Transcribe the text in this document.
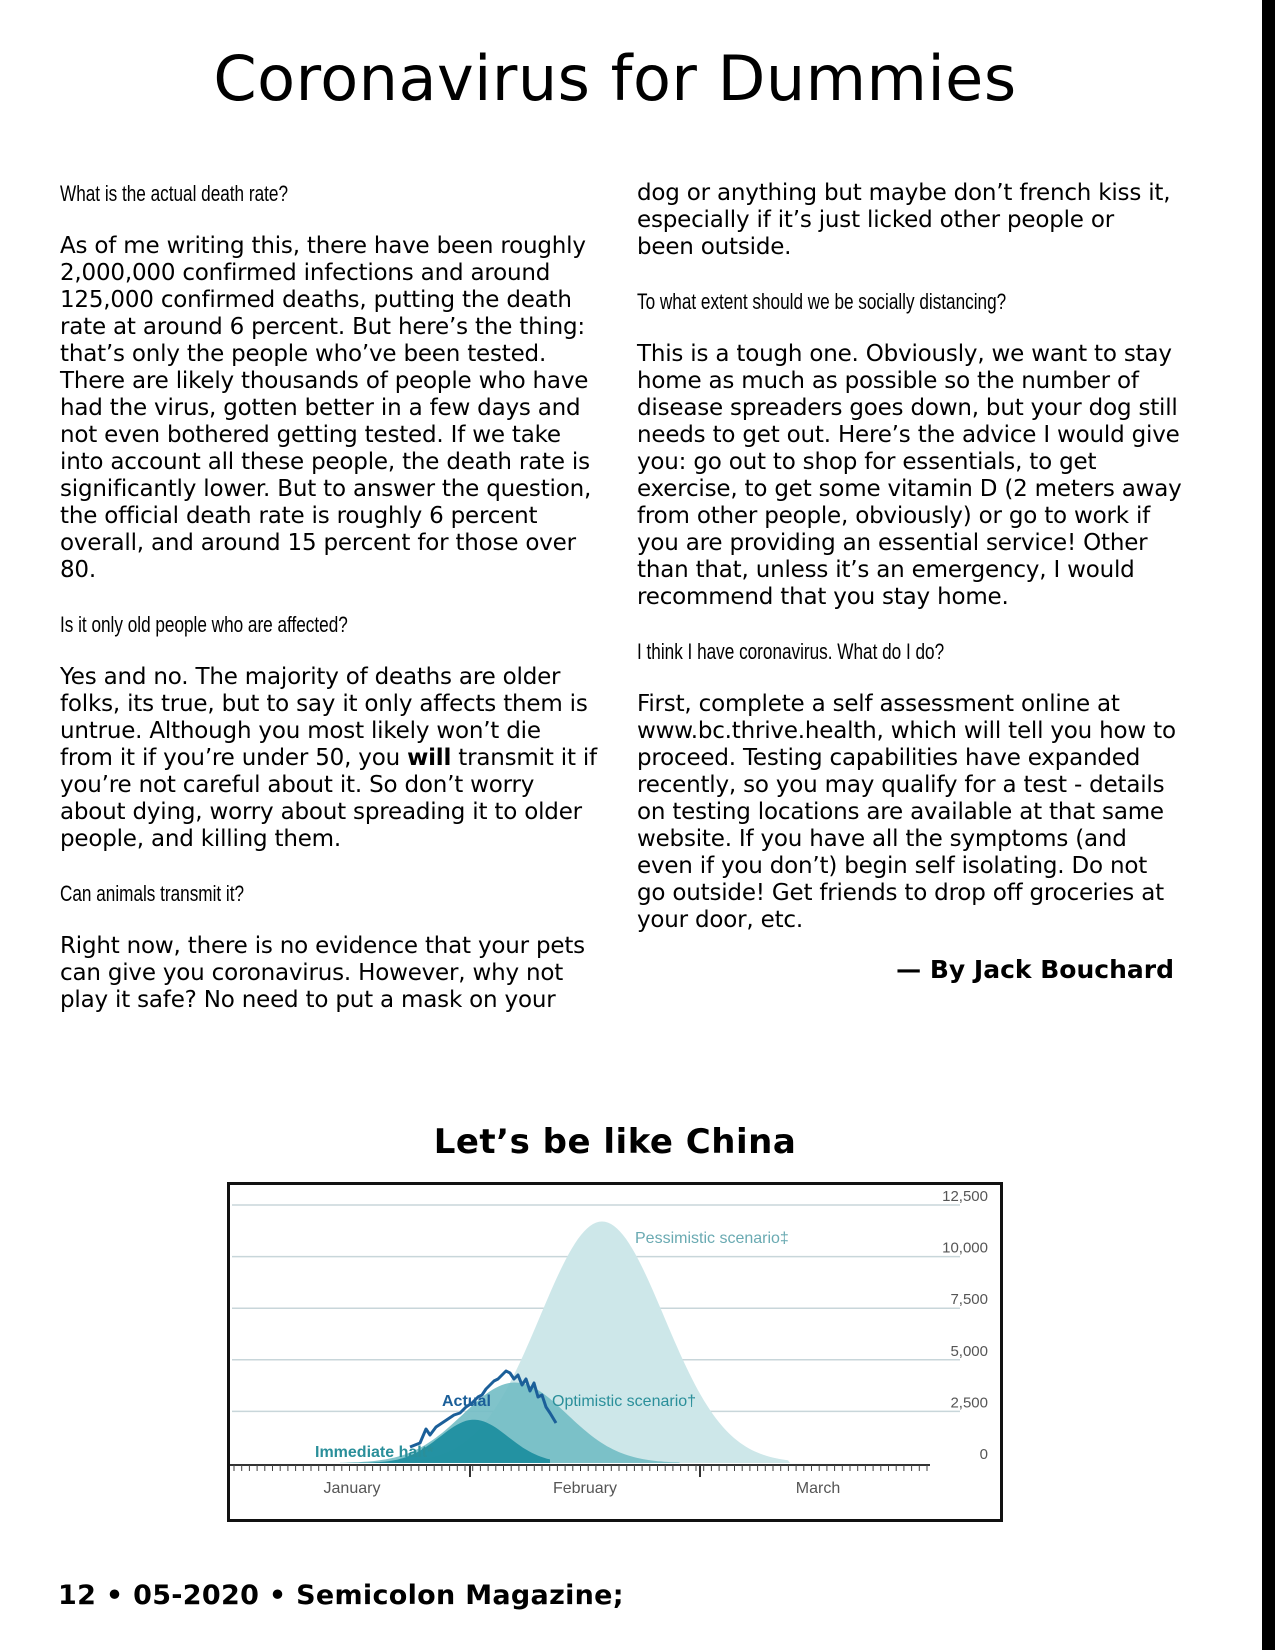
Coronavirus for Dummies

What is the actual death rate?

As of me writing this, there have been roughly 2,000,000 confirmed infections and around 125,000 confirmed deaths, putting the death rate at around 6 percent. But here’s the thing: that’s only the people who’ve been tested. There are likely thousands of people who have had the virus, gotten better in a few days and not even bothered getting tested. If we take into account all these people, the death rate is significantly lower. But to answer the question, the official death rate is roughly 6 percent overall, and around 15 percent for those over 80.

Is it only old people who are affected?

Yes and no. The majority of deaths are older folks, its true, but to say it only affects them is untrue. Although you most likely won’t die from it if you’re under 50, you will transmit it if you’re not careful about it. So don’t worry about dying, worry about spreading it to older people, and killing them.

Can animals transmit it?

Right now, there is no evidence that your pets can give you coronavirus. However, why not play it safe? No need to put a mask on your

dog or anything but maybe don’t french kiss it, especially if it’s just licked other people or been outside.

To what extent should we be socially distancing?

This is a tough one. Obviously, we want to stay home as much as possible so the number of disease spreaders goes down, but your dog still needs to get out. Here’s the advice I would give you: go out to shop for essentials, to get exercise, to get some vitamin D (2 meters away from other people, obviously) or go to work if you are providing an essential service! Other than that, unless it’s an emergency, I would recommend that you stay home.

I think I have coronavirus. What do I do?

First, complete a self assessment online at www.bc.thrive.health, which will tell you how to proceed. Testing capabilities have expanded recently, so you may qualify for a test - details on testing locations are available at that same website. If you have all the symptoms (and even if you don’t) begin self isolating. Do not go outside! Get friends to drop off groceries at your door, etc.

— By Jack Bouchard

Let’s be like China
12,500
10,000
7,500
5,000
2,500
0
January	February	March
Pessimistic scenario‡
Optimistic scenario†
Actual
Immediate halt*
12 • 05-2020 • Semicolon Magazine;
